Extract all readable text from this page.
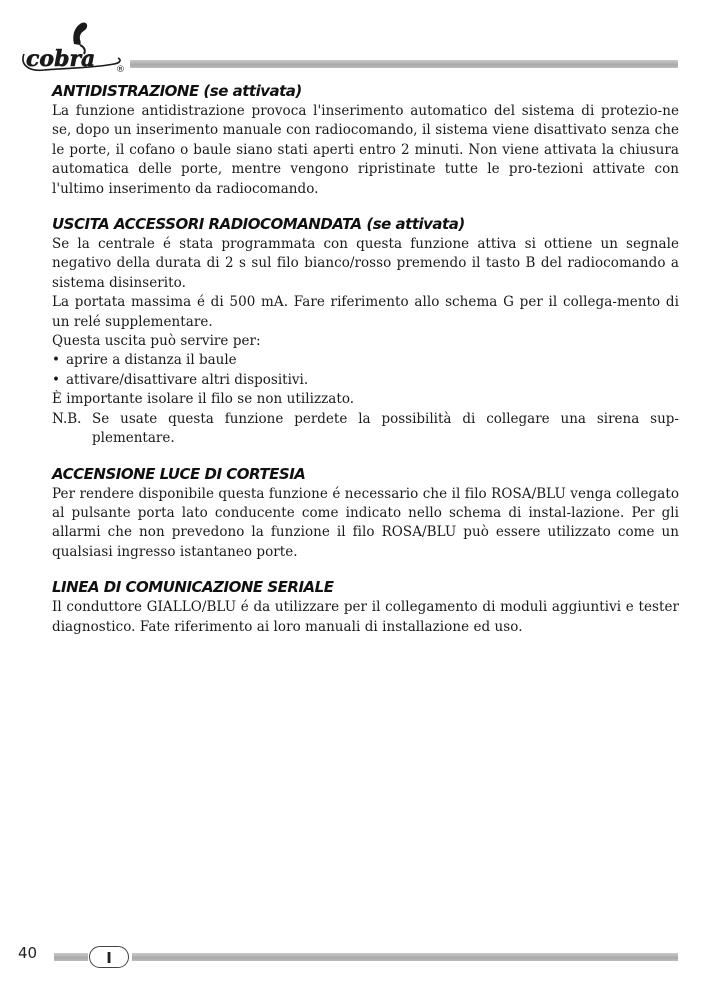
cobra ®
ANTIDISTRAZIONE (se attivata)

La funzione antidistrazione provoca l'inserimento automatico del sistema di protezio-ne se, dopo un inserimento manuale con radiocomando, il sistema viene disattivato senza che le porte, il cofano o baule siano stati aperti entro 2 minuti. Non viene attivata la chiusura automatica delle porte, mentre vengono ripristinate tutte le pro-tezioni attivate con l'ultimo inserimento da radiocomando.

USCITA ACCESSORI RADIOCOMANDATA (se attivata)

Se la centrale é stata programmata con questa funzione attiva si ottiene un segnale negativo della durata di 2 s sul filo bianco/rosso premendo il tasto B del radiocomando a sistema disinserito.

La portata massima é di 500 mA. Fare riferimento allo schema G per il collega-mento di un relé supplementare.

Questa uscita può servire per:

• aprire a distanza il baule
• attivare/disattivare altri dispositivi.

È importante isolare il filo se non utilizzato.

N.B. Se usate questa funzione perdete la possibilità di collegare una sirena sup-plementare.
ACCENSIONE LUCE DI CORTESIA

Per rendere disponibile questa funzione é necessario che il filo ROSA/BLU venga collegato al pulsante porta lato conducente come indicato nello schema di instal-lazione. Per gli allarmi che non prevedono la funzione il filo ROSA/BLU può essere utilizzato come un qualsiasi ingresso istantaneo porte.

LINEA DI COMUNICAZIONE SERIALE

Il conduttore GIALLO/BLU é da utilizzare per il collegamento di moduli aggiuntivi e tester diagnostico. Fate riferimento ai loro manuali di installazione ed uso.

40	I
